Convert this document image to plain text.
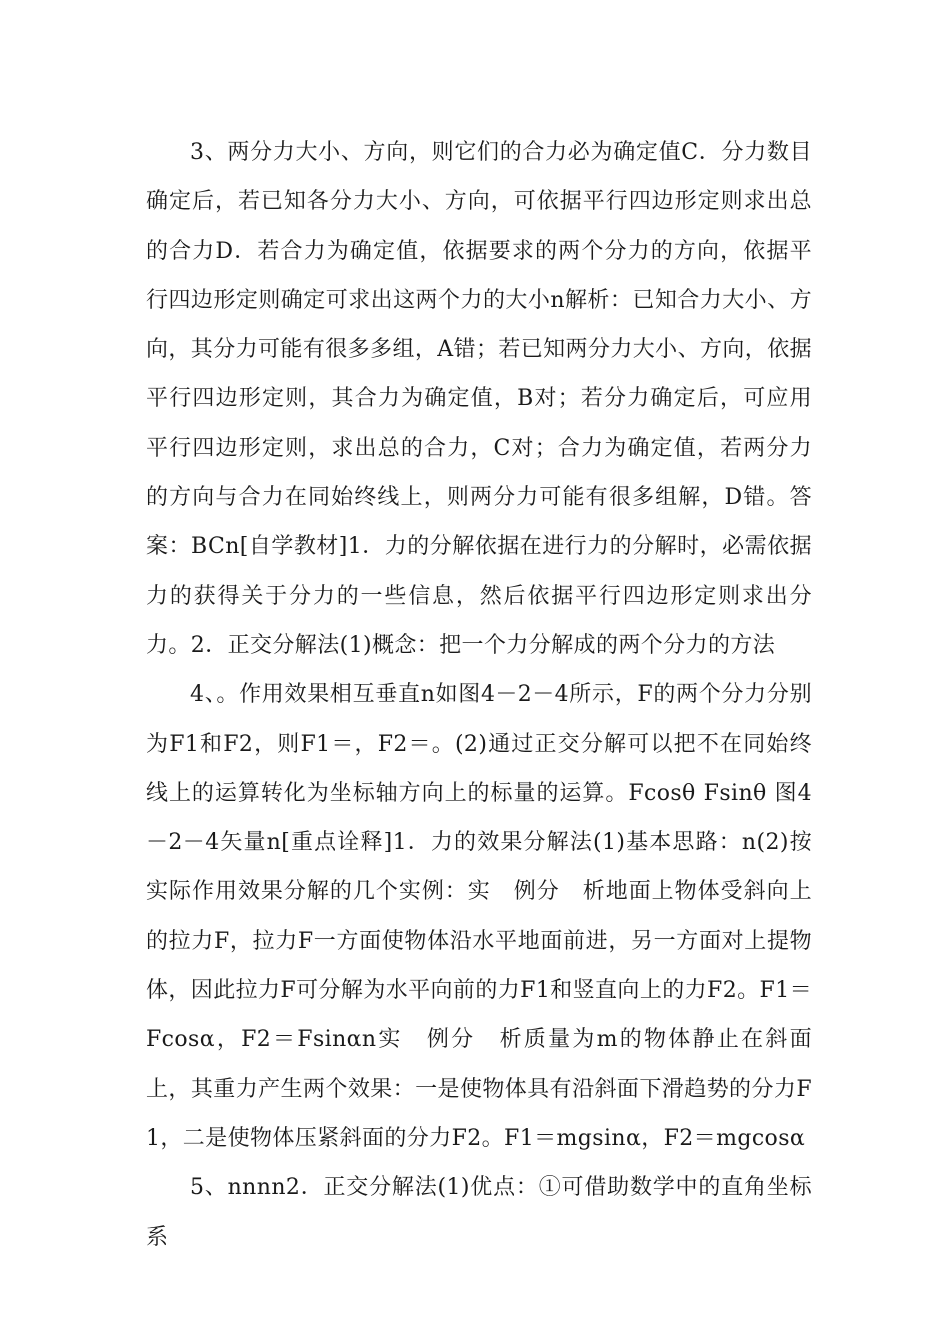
3、两分力大小、方向，则它们的合力必为确定值C．分力数目确定后，若已知各分力大小、方向，可依据平行四边形定则求出总的合力D．若合力为确定值，依据要求的两个分力的方向，依据平行四边形定则确定可求出这两个力的大小n解析：已知合力大小、方向，其分力可能有很多多组，A错；若已知两分力大小、方向，依据平行四边形定则，其合力为确定值，B对；若分力确定后，可应用平行四边形定则，求出总的合力，C对；合力为确定值，若两分力的方向与合力在同始终线上，则两分力可能有很多组解，D错。答案：BCn[自学教材]1．力的分解依据在进行力的分解时，必需依据力的获得关于分力的一些信息，然后依据平行四边形定则求出分力。2．正交分解法(1)概念：把一个力分解成的两个分力的方法

4、。作用效果相互垂直n如图4－2－4所示，F的两个分力分别为F1和F2，则F1＝，F2＝。(2)通过正交分解可以把不在同始终线上的运算转化为坐标轴方向上的标量的运算。Fcosθ Fsinθ 图4－2－4矢量n[重点诠释]1．力的效果分解法(1)基本思路：n(2)按实际作用效果分解的几个实例：实　例分　析地面上物体受斜向上的拉力F，拉力F一方面使物体沿水平地面前进，另一方面对上提物体，因此拉力F可分解为水平向前的力F1和竖直向上的力F2。F1＝Fcosα，F2＝Fsinαn实　例分　析质量为m的物体静止在斜面上，其重力产生两个效果：一是使物体具有沿斜面下滑趋势的分力F1，二是使物体压紧斜面的分力F2。F1＝mgsinα，F2＝mgcosα

5、nnnn2．正交分解法(1)优点：①可借助数学中的直角坐标系
